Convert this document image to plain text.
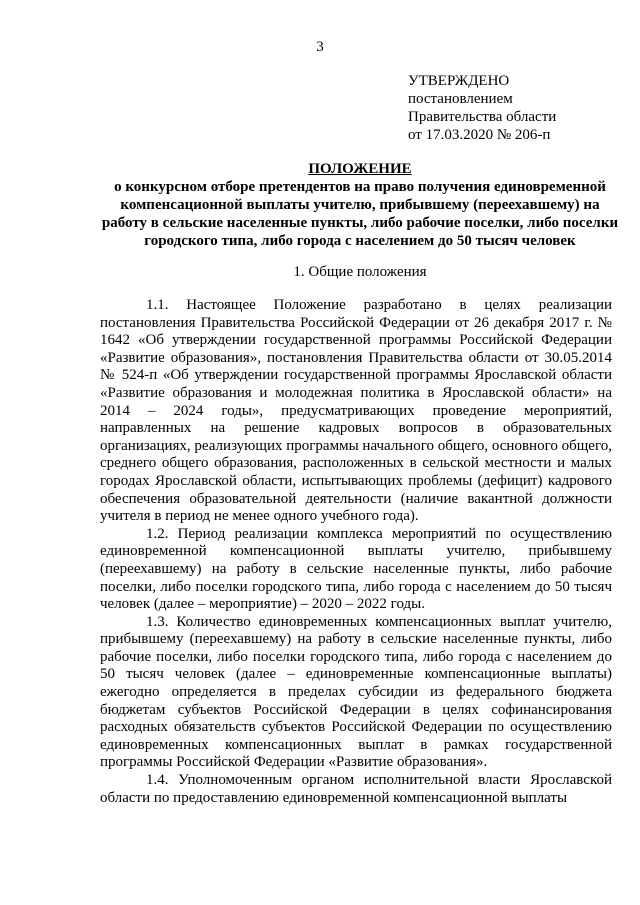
3
УТВЕРЖДЕНО
постановлением
Правительства области
от 17.03.2020 № 206-п
ПОЛОЖЕНИЕ
о конкурсном отборе претендентов на право получения единовременной компенсационной выплаты учителю, прибывшему (переехавшему) на работу в сельские населенные пункты, либо рабочие поселки, либо поселки городского типа, либо города с населением до 50 тысяч человек
1. Общие положения

1.1. Настоящее Положение разработано в целях реализации постановления Правительства Российской Федерации от 26 декабря 2017 г. № 1642 «Об утверждении государственной программы Российской Федерации «Развитие образования», постановления Правительства области от 30.05.2014 № 524-п «Об утверждении государственной программы Ярославской области «Развитие образования и молодежная политика в Ярославской области» на 2014 – 2024 годы», предусматривающих проведение мероприятий, направленных на решение кадровых вопросов в образовательных организациях, реализующих программы начального общего, основного общего, среднего общего образования, расположенных в сельской местности и малых городах Ярославской области, испытывающих проблемы (дефицит) кадрового обеспечения образовательной деятельности (наличие вакантной должности учителя в период не менее одного учебного года).

1.2. Период реализации комплекса мероприятий по осуществлению единовременной компенсационной выплаты учителю, прибывшему (переехавшему) на работу в сельские населенные пункты, либо рабочие поселки, либо поселки городского типа, либо города с населением до 50 тысяч человек (далее – мероприятие) – 2020 – 2022 годы.

1.3. Количество единовременных компенсационных выплат учителю, прибывшему (переехавшему) на работу в сельские населенные пункты, либо рабочие поселки, либо поселки городского типа, либо города с населением до 50 тысяч человек (далее – единовременные компенсационные выплаты) ежегодно определяется в пределах субсидии из федерального бюджета бюджетам субъектов Российской Федерации в целях софинансирования расходных обязательств субъектов Российской Федерации по осуществлению единовременных компенсационных выплат в рамках государственной программы Российской Федерации «Развитие образования».

1.4. Уполномоченным органом исполнительной власти Ярославской области по предоставлению единовременной компенсационной выплаты
